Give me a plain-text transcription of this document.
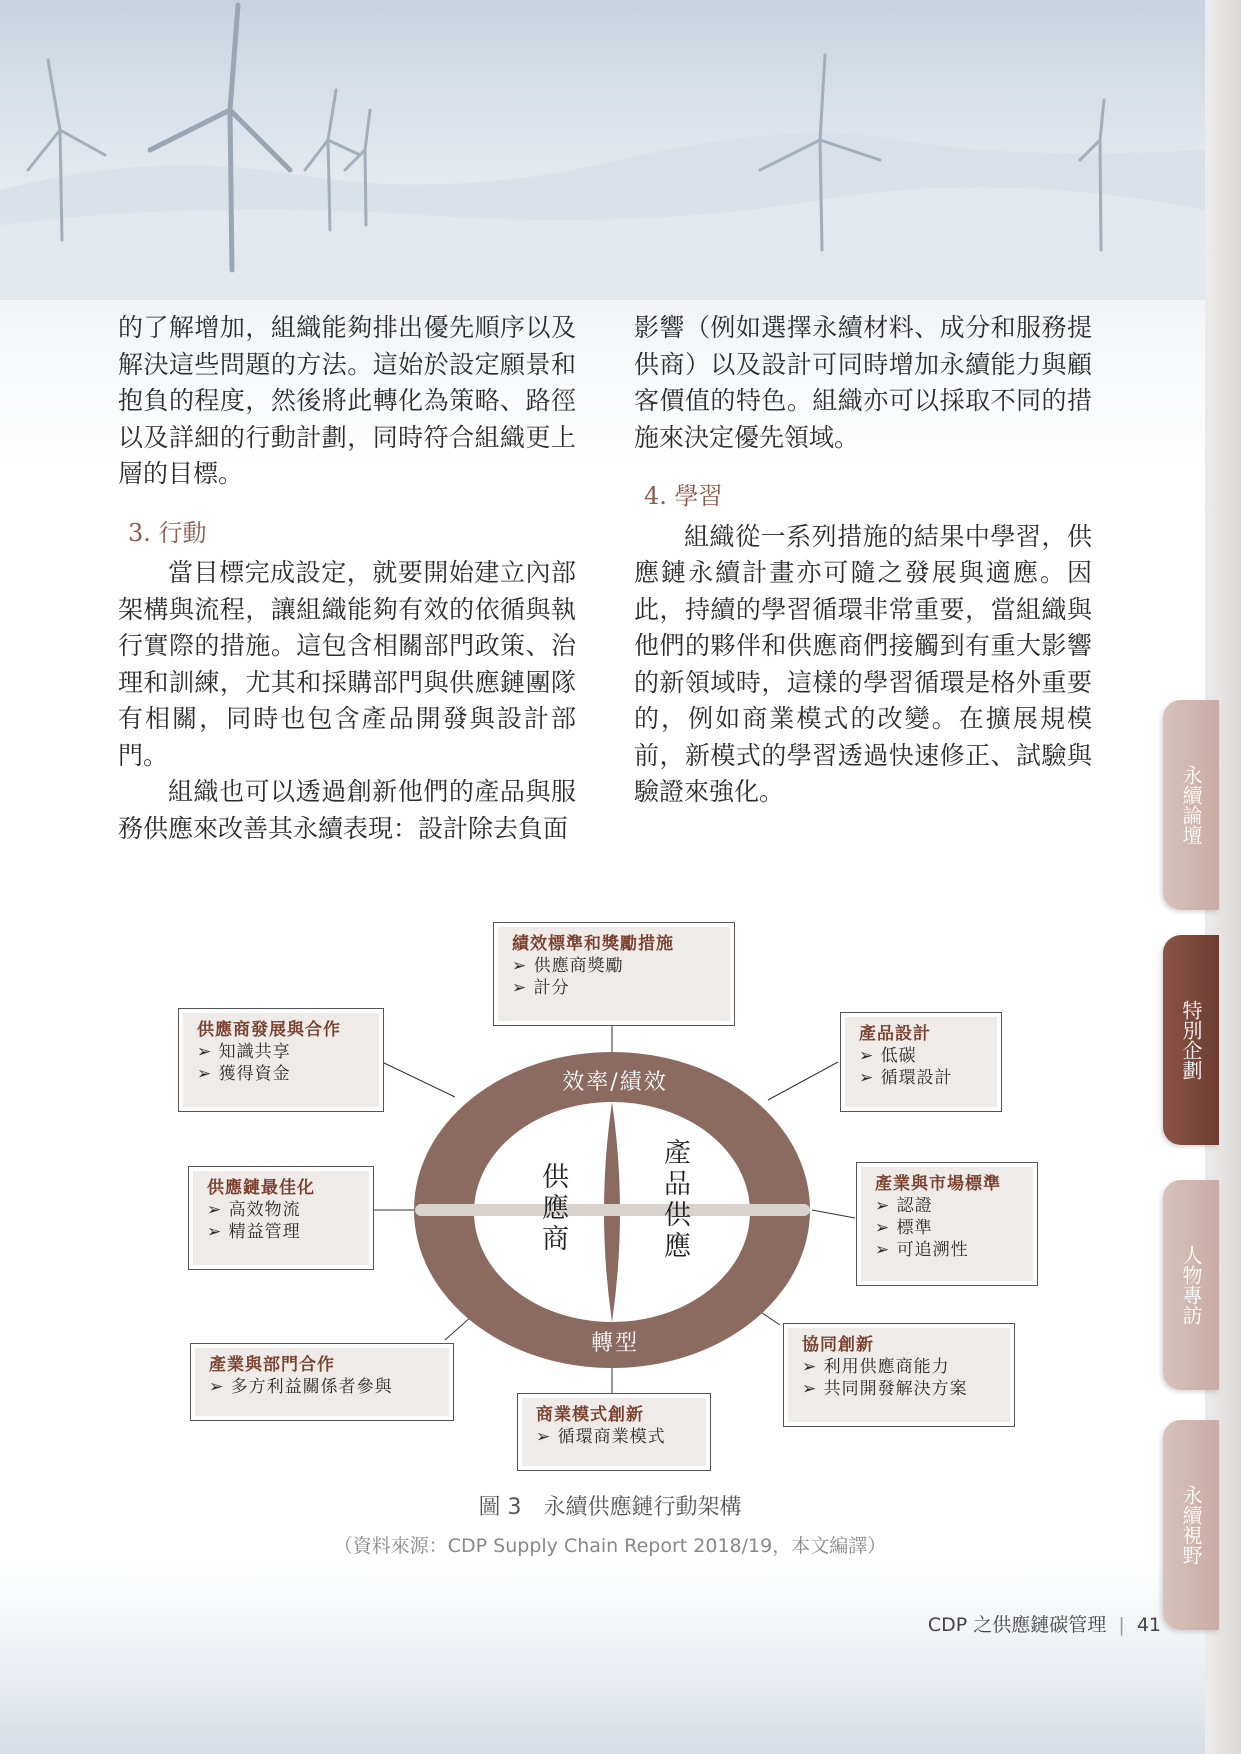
永續論壇
特別企劃
人物專訪
永續視野

的了解增加，組織能夠排出優先順序以及解決這些問題的方法。這始於設定願景和抱負的程度，然後將此轉化為策略、路徑以及詳細的行動計劃，同時符合組織更上層的目標。

3. 行動

當目標完成設定，就要開始建立內部架構與流程，讓組織能夠有效的依循與執行實際的措施。這包含相關部門政策、治理和訓練，尤其和採購部門與供應鏈團隊有相關，同時也包含產品開發與設計部門。

組織也可以透過創新他們的產品與服務供應來改善其永續表現：設計除去負面

影響（例如選擇永續材料、成分和服務提供商）以及設計可同時增加永續能力與顧客價值的特色。組織亦可以採取不同的措施來決定優先領域。

4. 學習

組織從一系列措施的結果中學習，供應鏈永續計畫亦可隨之發展與適應。因此，持續的學習循環非常重要，當組織與他們的夥伴和供應商們接觸到有重大影響的新領域時，這樣的學習循環是格外重要的，例如商業模式的改變。在擴展規模前，新模式的學習透過快速修正、試驗與驗證來強化。

效率/績效
轉型
供應商	產品供應
績效標準和獎勵措施
➢ 供應商獎勵
➢ 計分
供應商發展與合作
➢ 知識共享
➢ 獲得資金
產品設計
➢ 低碳
➢ 循環設計
供應鏈最佳化
➢ 高效物流
➢ 精益管理
產業與市場標準
➢ 認證
➢ 標準
➢ 可追溯性
產業與部門合作
➢ 多方利益關係者參與
協同創新
➢ 利用供應商能力
➢ 共同開發解決方案
商業模式創新
➢ 循環商業模式
圖 3　永續供應鏈行動架構
（資料來源：CDP Supply Chain Report 2018/19，本文編譯）
CDP 之供應鏈碳管理 | 41
